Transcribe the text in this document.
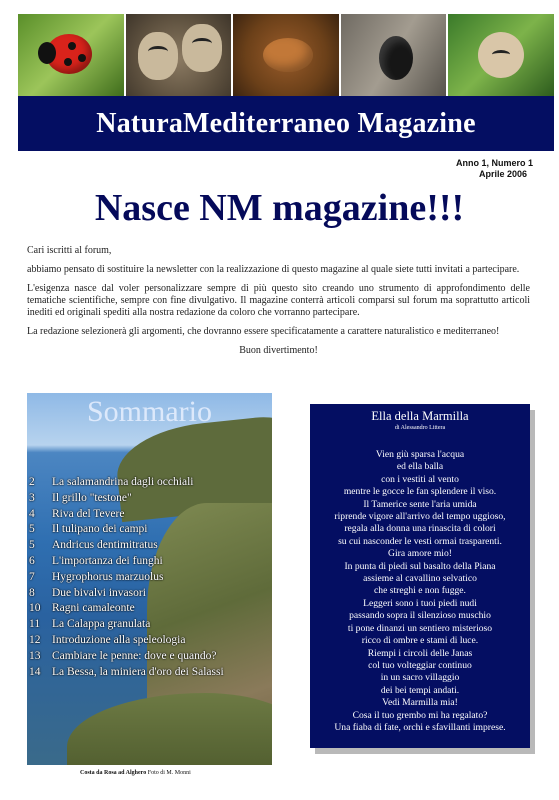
NaturaMediterraneo Magazine
Anno 1, Numero 1
Aprile 2006
Nasce NM magazine!!!

Cari iscritti al forum,

abbiamo pensato di sostituire la newsletter con la realizzazione di questo magazine al quale siete tutti invitati a partecipare.

L'esigenza nasce dal voler personalizzare sempre di più questo sito creando uno strumento di approfondimento delle tematiche scientifiche, sempre con fine divulgativo. Il magazine conterrà articoli comparsi sul forum ma soprattutto articoli inediti ed originali spediti alla nostra redazione da coloro che vorranno partecipare.

La redazione selezionerà gli argomenti, che dovranno essere specificatamente a carattere naturalistico e mediterraneo!

Buon divertimento!

Sommario
2	La salamandrina dagli occhiali
3	Il grillo "testone"
4	Riva del Tevere
5	Il tulipano dei campi
5	Andricus dentimitratus
6	L'importanza dei funghi
7	Hygrophorus marzuolus
8	Due bivalvi invasori
10	Ragni camaleonte
11	La Calappa granulata
12	Introduzione alla speleologia
13	Cambiare le penne: dove e quando?
14	La Bessa, la miniera d'oro dei Salassi
Costa da Rosa ad Alghero Foto di M. Monni
Ella della Marmilla
di Alessandro Littera
Vien giù sparsa l'acqua
ed ella balla
con i vestiti al vento
mentre le gocce le fan splendere il viso.
Il Tamerice sente l'aria umida
riprende vigore all'arrivo del tempo uggioso,
regala alla donna una rinascita di colori
su cui nasconder le vesti ormai trasparenti.
Gira amore mio!
In punta di piedi sul basalto della Piana
assieme al cavallino selvatico
che streghi e non fugge.
Leggeri sono i tuoi piedi nudi
passando sopra il silenzioso muschio
ti pone dinanzi un sentiero misterioso
ricco di ombre e stami di luce.
Riempi i circoli delle Janas
col tuo volteggiar continuo
in un sacro villaggio
dei bei tempi andati.
Vedi Marmilla mia!
Cosa il tuo grembo mi ha regalato?
Una fiaba di fate, orchi e sfavillanti imprese.
